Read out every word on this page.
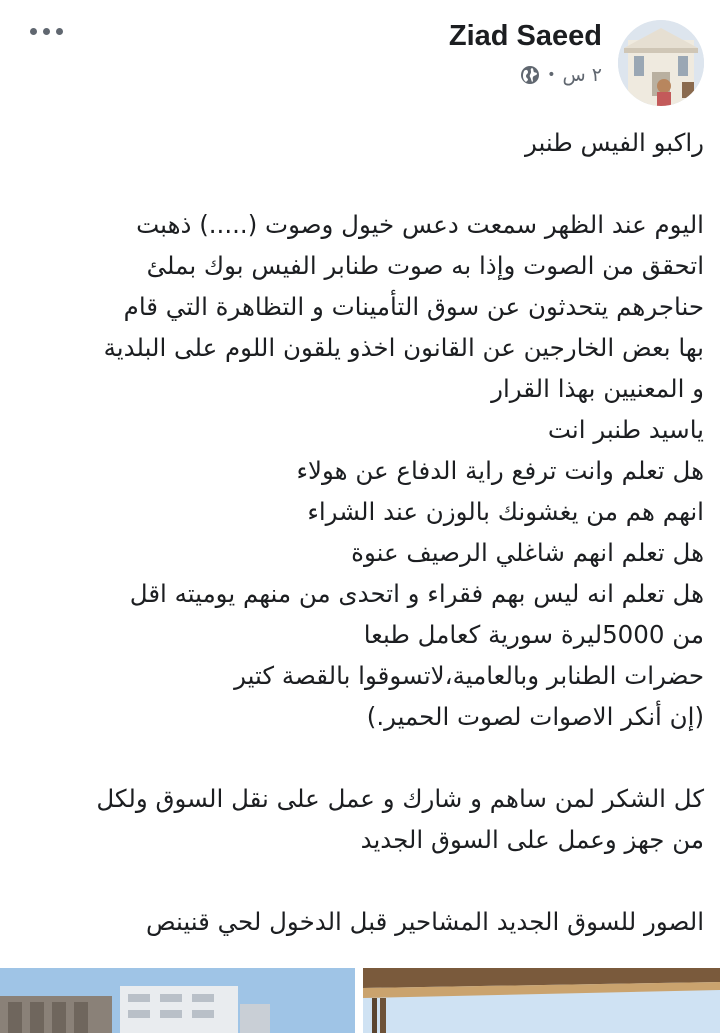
Ziad Saeed
٢ س
•
راكبو الفيس طنبر
اليوم عند الظهر سمعت دعس خيول وصوت (.....) ذهبت
اتحقق من الصوت وإذا به صوت طنابر الفيس بوك بملئ
حناجرهم يتحدثون عن سوق التأمينات و التظاهرة التي قام
بها بعض الخارجين عن القانون اخذو يلقون اللوم على البلدية
و المعنيين بهذا القرار
ياسيد طنبر انت
هل تعلم وانت ترفع راية الدفاع عن هولاء
انهم هم من يغشونك بالوزن عند الشراء
هل تعلم انهم شاغلي الرصيف عنوة
هل تعلم انه ليس بهم فقراء و اتحدى من منهم يوميته اقل
من 5000ليرة سورية كعامل طبعا
حضرات الطنابر وبالعامية،لاتسوقوا بالقصة كتير
(إن أنكر الاصوات لصوت الحمير.)
كل الشكر لمن ساهم و شارك و عمل على نقل السوق ولكل
من جهز وعمل على السوق الجديد
الصور للسوق الجديد المشاحير قبل الدخول لحي قنينص
